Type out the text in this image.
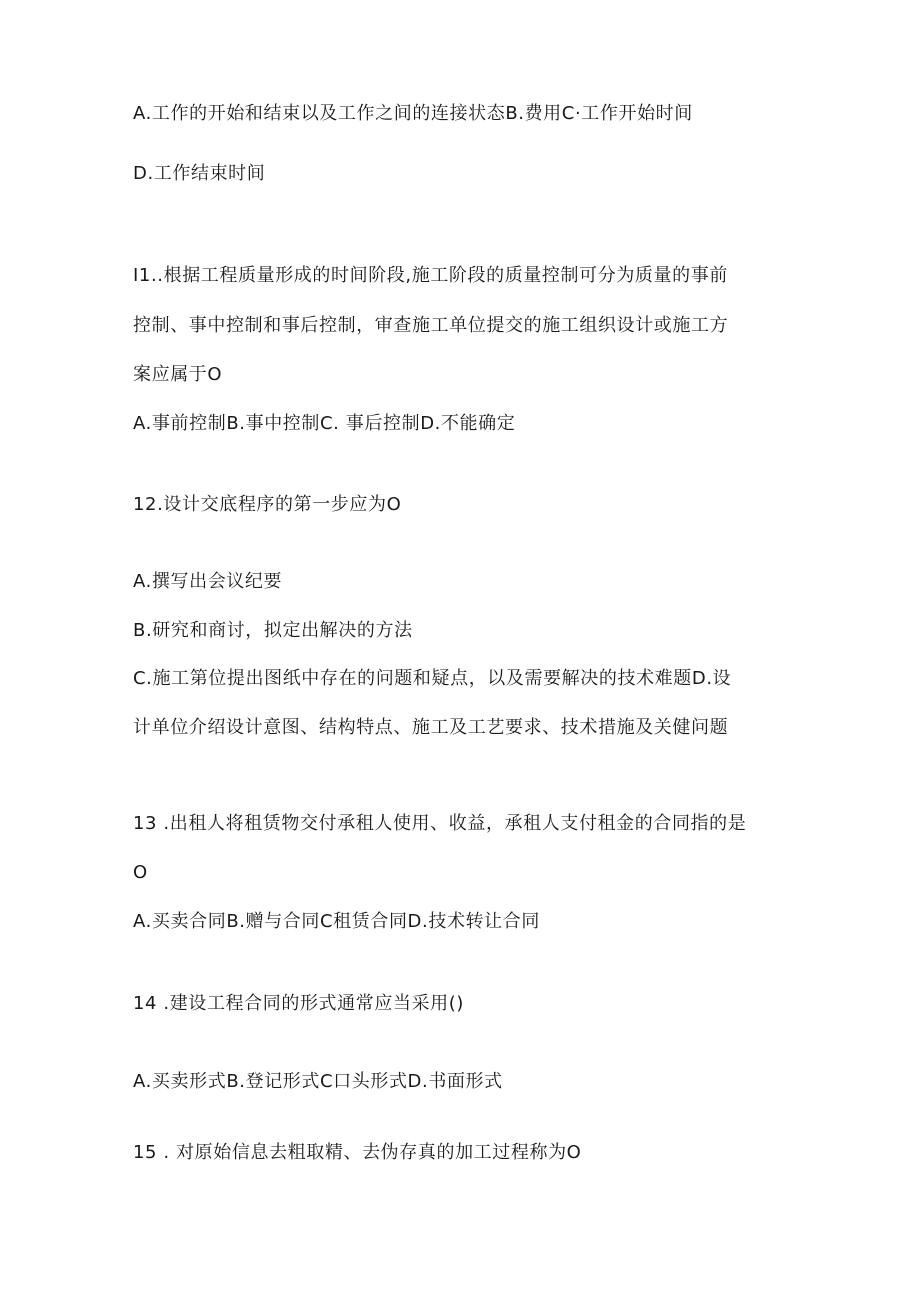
A.工作的开始和结束以及工作之间的连接状态B.费用C·工作开始时间
D.工作结束时间
I1..根据工程质量形成的时间阶段,施工阶段的质量控制可分为质量的事前
控制、事中控制和事后控制，审查施工单位提交的施工组织设计或施工方
案应属于O
A.事前控制B.事中控制C. 事后控制D.不能确定
12.设计交底程序的第一步应为O
A.撰写出会议纪要
B.研究和商讨，拟定出解决的方法
C.施工第位提出图纸中存在的问题和疑点，以及需要解决的技术难题D.设
计单位介绍设计意图、结构特点、施工及工艺要求、技术措施及关健问题
13 .出租人将租赁物交付承租人使用、收益，承租人支付租金的合同指的是
O
A.买卖合同B.赠与合同C租赁合同D.技术转让合同
14 .建设工程合同的形式通常应当采用()
A.买卖形式B.登记形式C口头形式D.书面形式
15 . 对原始信息去粗取精、去伪存真的加工过程称为O
